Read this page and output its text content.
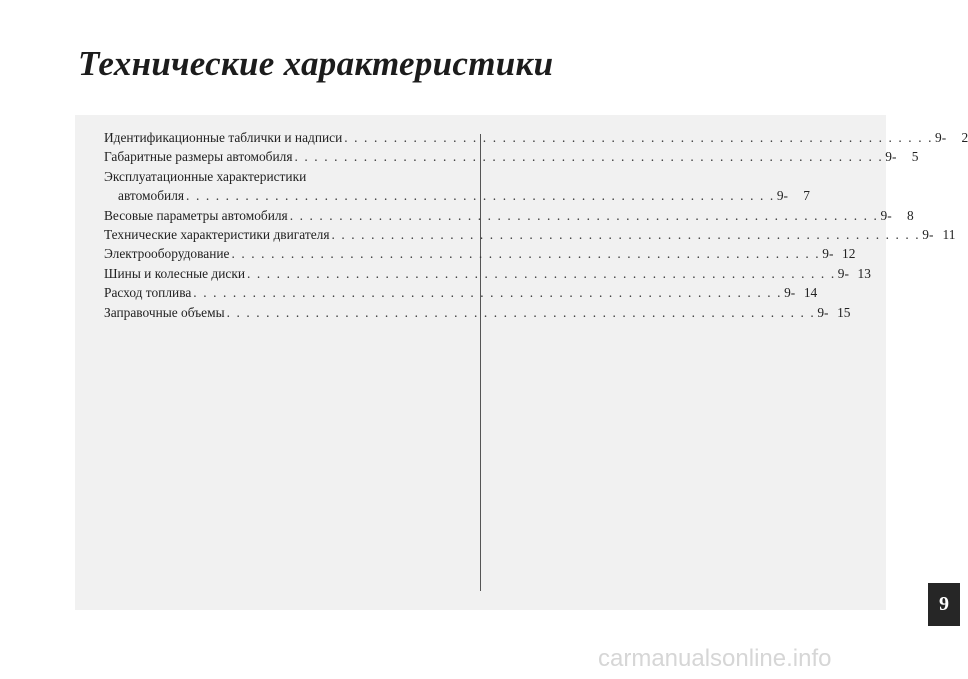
Технические характеристики
Идентификационные таблички и надписи . . . . . . . . . . . . . . . . . . . . . . . . . . . . . . . . . . . . . . . . . . . . . . . . . . . . . . . . . . . . 9-	2
Габаритные размеры автомобиля . . . . . . . . . . . . . . . . . . . . . . . . . . . . . . . . . . . . . . . . . . . . . . . . . . . . . . . . . . . . 9-	5
Эксплуатационные характеристики
автомобиля . . . . . . . . . . . . . . . . . . . . . . . . . . . . . . . . . . . . . . . . . . . . . . . . . . . . . . . . . . . . 9-	7
Весовые параметры автомобиля . . . . . . . . . . . . . . . . . . . . . . . . . . . . . . . . . . . . . . . . . . . . . . . . . . . . . . . . . . . . 9-	8
Технические характеристики двигателя . . . . . . . . . . . . . . . . . . . . . . . . . . . . . . . . . . . . . . . . . . . . . . . . . . . . . . . . . . . . 9- 11
Электрооборудование . . . . . . . . . . . . . . . . . . . . . . . . . . . . . . . . . . . . . . . . . . . . . . . . . . . . . . . . . . . . 9- 12
Шины и колесные диски . . . . . . . . . . . . . . . . . . . . . . . . . . . . . . . . . . . . . . . . . . . . . . . . . . . . . . . . . . . . 9- 13
Расход топлива . . . . . . . . . . . . . . . . . . . . . . . . . . . . . . . . . . . . . . . . . . . . . . . . . . . . . . . . . . . . 9- 14
Заправочные объемы . . . . . . . . . . . . . . . . . . . . . . . . . . . . . . . . . . . . . . . . . . . . . . . . . . . . . . . . . . . . 9- 15
9
carmanualsonline.info
